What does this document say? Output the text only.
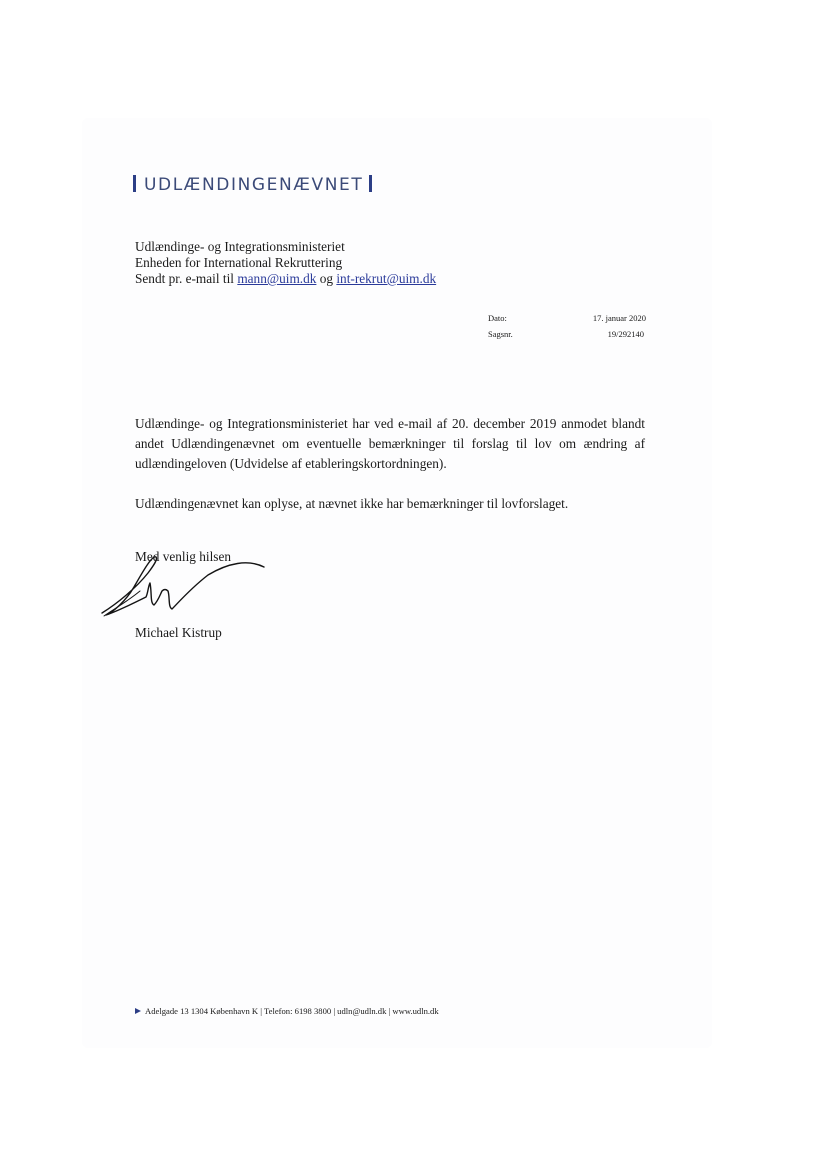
UDLÆNDINGENÆVNET
Udlændinge- og Integrationsministeriet
Enheden for International Rekruttering
Sendt pr. e-mail til mann@uim.dk og int-rekrut@uim.dk
Dato:	17. januar 2020
Sagsnr.	19/292140

Udlændinge- og Integrationsministeriet har ved e-mail af 20. december 2019 anmodet blandt andet Udlændingenævnet om eventuelle bemærkninger til forslag til lov om ændring af udlændingeloven (Udvidelse af etableringskortordningen).

Udlændingenævnet kan oplyse, at nævnet ikke har bemærkninger til lovforslaget.

Med venlig hilsen
Michael Kistrup
Adelgade 13 1304 København K | Telefon: 6198 3800 | udln@udln.dk | www.udln.dk
